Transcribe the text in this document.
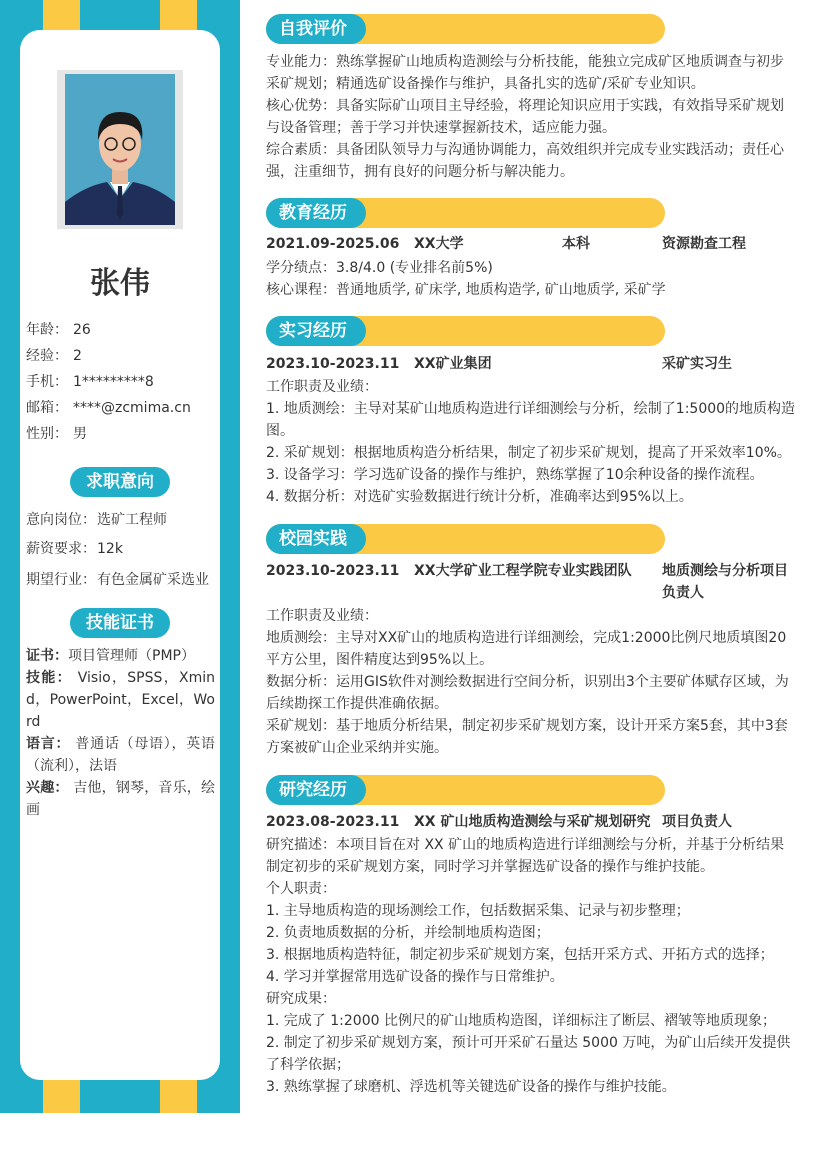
张伟
年龄： 26
经验： 2
手机： 1*********8
邮箱： ****@zcmima.cn
性别： 男
求职意向
意向岗位： 选矿工程师
薪资要求： 12k
期望行业： 有色金属矿采选业
技能证书
证书：项目管理师（PMP）
技能： Visio，SPSS，Xmind，PowerPoint，Excel，Word
语言： 普通话（母语），英语（流利），法语
兴趣： 吉他，钢琴，音乐，绘画
自我评价
专业能力：熟练掌握矿山地质构造测绘与分析技能，能独立完成矿区地质调查与初步采矿规划；精通选矿设备操作与维护，具备扎实的选矿/采矿专业知识。
核心优势：具备实际矿山项目主导经验，将理论知识应用于实践，有效指导采矿规划与设备管理；善于学习并快速掌握新技术，适应能力强。
综合素质：具备团队领导力与沟通协调能力，高效组织并完成专业实践活动；责任心强，注重细节，拥有良好的问题分析与解决能力。
教育经历
2021.09-2025.06	XX大学	本科	资源勘查工程
学分绩点：3.8/4.0 (专业排名前5%)
核心课程：普通地质学, 矿床学, 地质构造学, 矿山地质学, 采矿学
实习经历
2023.10-2023.11	XX矿业集团	采矿实习生
工作职责及业绩：
1. 地质测绘：主导对某矿山地质构造进行详细测绘与分析，绘制了1:5000的地质构造图。
2. 采矿规划：根据地质构造分析结果，制定了初步采矿规划，提高了开采效率10%。
3. 设备学习：学习选矿设备的操作与维护，熟练掌握了10余种设备的操作流程。
4. 数据分析：对选矿实验数据进行统计分析，准确率达到95%以上。
校园实践
2023.10-2023.11	XX大学矿业工程学院专业实践团队	地质测绘与分析项目负责人
工作职责及业绩：
地质测绘：主导对XX矿山的地质构造进行详细测绘，完成1:2000比例尺地质填图20平方公里，图件精度达到95%以上。
数据分析：运用GIS软件对测绘数据进行空间分析，识别出3个主要矿体赋存区域，为后续勘探工作提供准确依据。
采矿规划：基于地质分析结果，制定初步采矿规划方案，设计开采方案5套，其中3套方案被矿山企业采纳并实施。
研究经历
2023.08-2023.11	XX 矿山地质构造测绘与采矿规划研究 项目负责人
研究描述：本项目旨在对 XX 矿山的地质构造进行详细测绘与分析，并基于分析结果制定初步的采矿规划方案，同时学习并掌握选矿设备的操作与维护技能。
个人职责：
1. 主导地质构造的现场测绘工作，包括数据采集、记录与初步整理；
2. 负责地质数据的分析，并绘制地质构造图；
3. 根据地质构造特征，制定初步采矿规划方案，包括开采方式、开拓方式的选择；
4. 学习并掌握常用选矿设备的操作与日常维护。
研究成果：
1. 完成了 1:2000 比例尺的矿山地质构造图，详细标注了断层、褶皱等地质现象；
2. 制定了初步采矿规划方案，预计可开采矿石量达 5000 万吨，为矿山后续开发提供了科学依据；
3. 熟练掌握了球磨机、浮选机等关键选矿设备的操作与维护技能。
